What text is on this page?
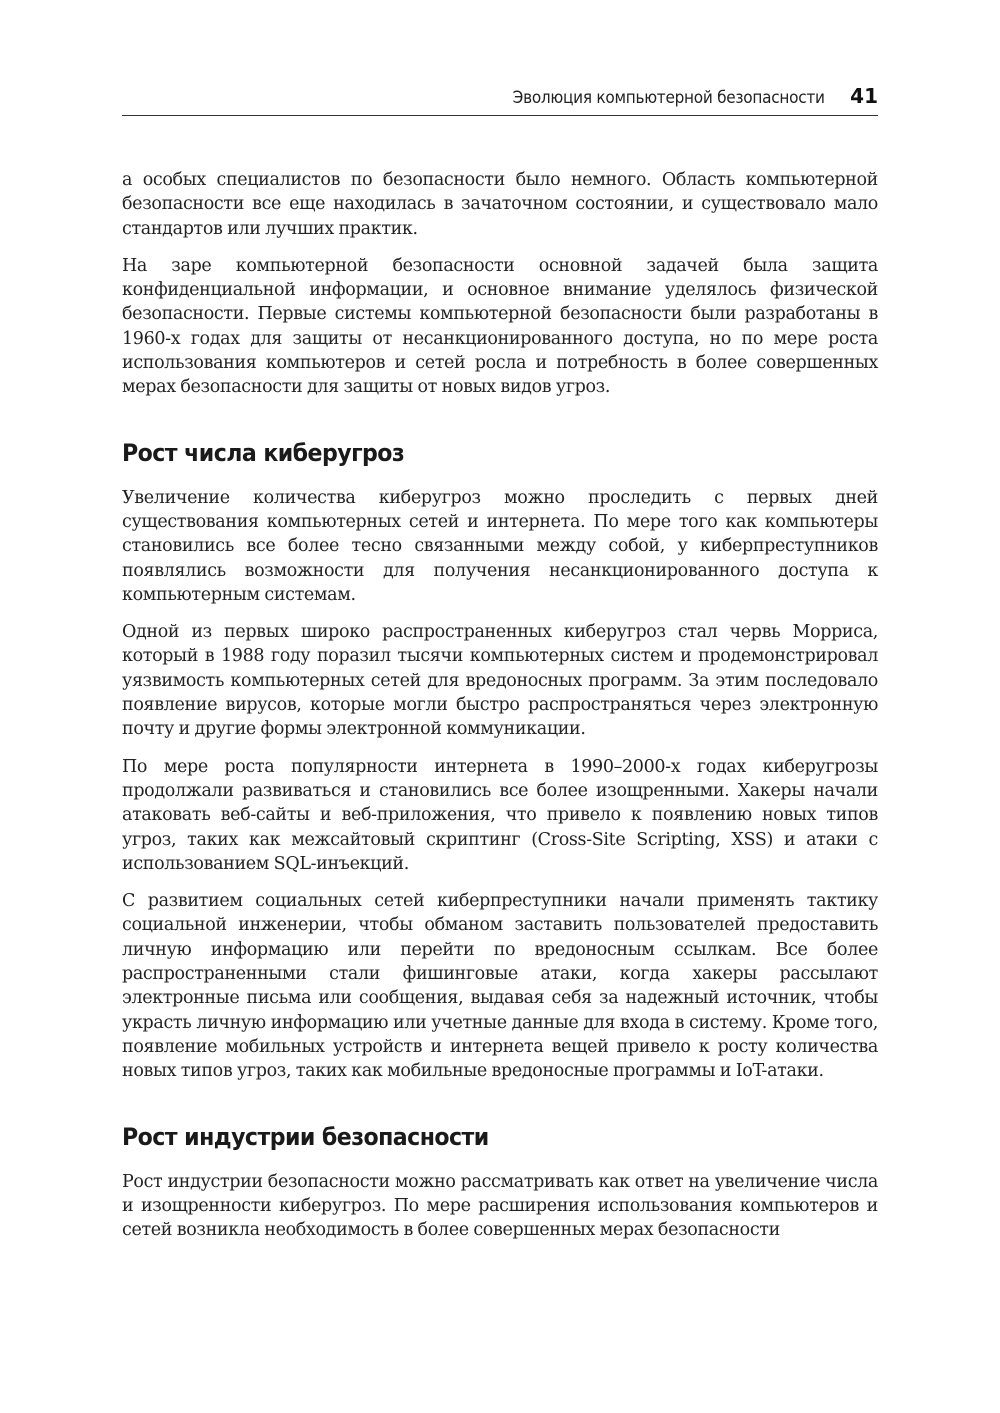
Эволюция компьютерной безопасности 41

а особых специалистов по безопасности было немного. Область компьютерной безопасности все еще находилась в зачаточном состоянии, и существовало мало стандартов или лучших практик.

На заре компьютерной безопасности основной задачей была защита конфиденциальной информации, и основное внимание уделялось физической безопасности. Первые системы компьютерной безопасности были разработаны в 1960-х годах для защиты от несанкционированного доступа, но по мере роста использования компьютеров и сетей росла и потребность в более совершенных мерах безопасности для защиты от новых видов угроз.

Рост числа киберугроз

Увеличение количества киберугроз можно проследить с первых дней существования компьютерных сетей и интернета. По мере того как компьютеры становились все более тесно связанными между собой, у киберпреступников появлялись возможности для получения несанкционированного доступа к компьютерным системам.

Одной из первых широко распространенных киберугроз стал червь Морриса, который в 1988 году поразил тысячи компьютерных систем и продемонстрировал уязвимость компьютерных сетей для вредоносных программ. За этим последовало появление вирусов, которые могли быстро распространяться через электронную почту и другие формы электронной коммуникации.

По мере роста популярности интернета в 1990–2000-х годах киберугрозы продолжали развиваться и становились все более изощренными. Хакеры начали атаковать веб-сайты и веб-приложения, что привело к появлению новых типов угроз, таких как межсайтовый скриптинг (Cross-Site Scripting, XSS) и атаки с использованием SQL-инъекций.

С развитием социальных сетей киберпреступники начали применять тактику социальной инженерии, чтобы обманом заставить пользователей предоставить личную информацию или перейти по вредоносным ссылкам. Все более распространенными стали фишинговые атаки, когда хакеры рассылают электронные письма или сообщения, выдавая себя за надежный источник, чтобы украсть личную информацию или учетные данные для входа в систему. Кроме того, появление мобильных устройств и интернета вещей привело к росту количества новых типов угроз, таких как мобильные вредоносные программы и IoT-атаки.

Рост индустрии безопасности

Рост индустрии безопасности можно рассматривать как ответ на увеличение числа и изощренности киберугроз. По мере расширения использования компьютеров и сетей возникла необходимость в более совершенных мерах безопасности
